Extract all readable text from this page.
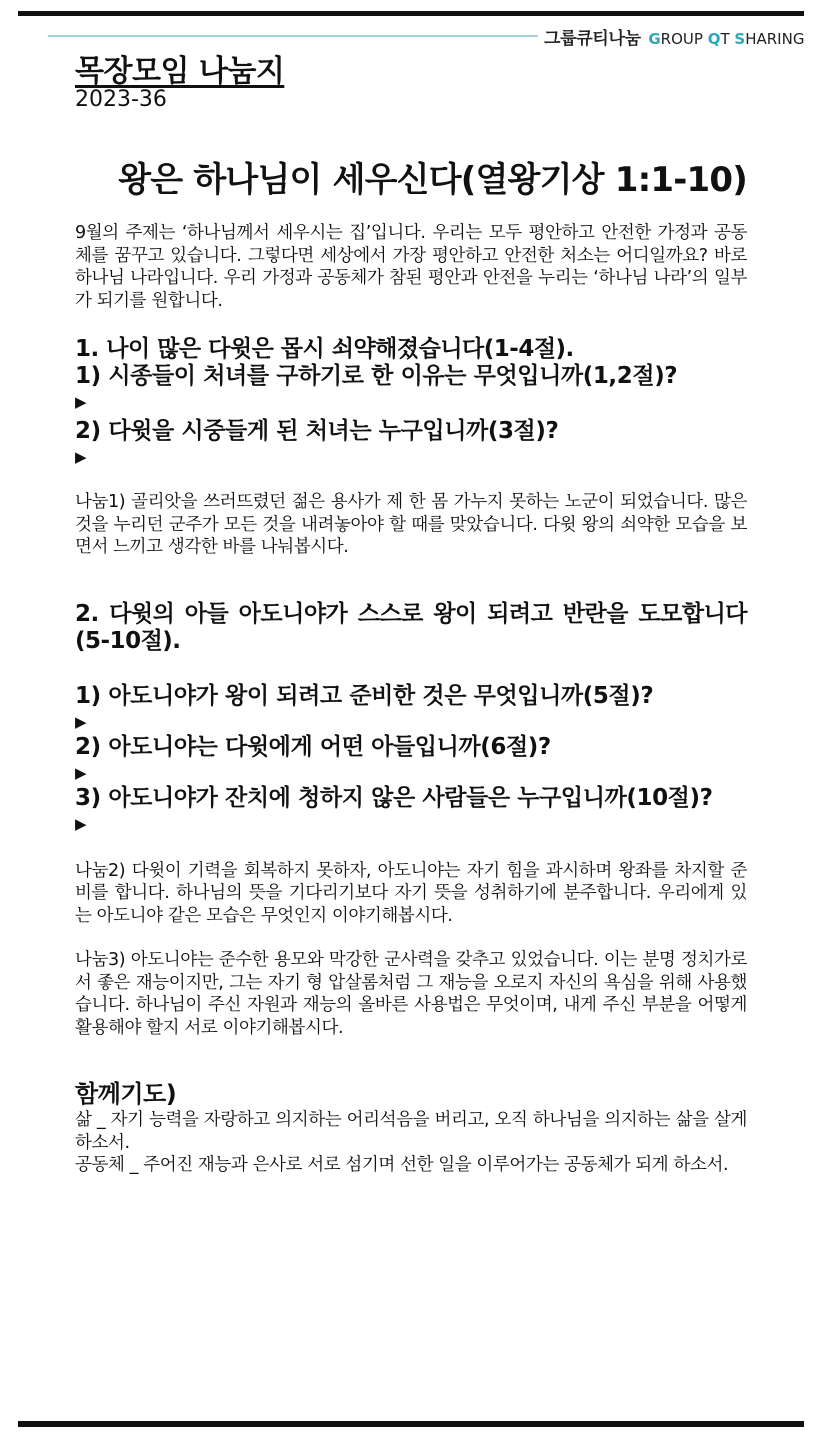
그룹큐티나눔 GROUP QT SHARING
목장모임 나눔지
2023-36
왕은 하나님이 세우신다(열왕기상 1:1-10)
9월의 주제는 ‘하나님께서 세우시는 집’입니다. 우리는 모두 평안하고 안전한 가정과 공동체를 꿈꾸고 있습니다. 그렇다면 세상에서 가장 평안하고 안전한 처소는 어디일까요? 바로 하나님 나라입니다. 우리 가정과 공동체가 참된 평안과 안전을 누리는 ‘하나님 나라’의 일부가 되기를 원합니다.
1. 나이 많은 다윗은 몹시 쇠약해졌습니다(1-4절).
1) 시종들이 처녀를 구하기로 한 이유는 무엇입니까(1,2절)?
▶
2) 다윗을 시중들게 된 처녀는 누구입니까(3절)?
▶
나눔1) 골리앗을 쓰러뜨렸던 젊은 용사가 제 한 몸 가누지 못하는 노군이 되었습니다. 많은 것을 누리던 군주가 모든 것을 내려놓아야 할 때를 맞았습니다. 다윗 왕의 쇠약한 모습을 보면서 느끼고 생각한 바를 나눠봅시다.
2. 다윗의 아들 아도니야가 스스로 왕이 되려고 반란을 도모합니다(5-10절).
1) 아도니야가 왕이 되려고 준비한 것은 무엇입니까(5절)?
▶
2) 아도니야는 다윗에게 어떤 아들입니까(6절)?
▶
3) 아도니야가 잔치에 청하지 않은 사람들은 누구입니까(10절)?
▶
나눔2) 다윗이 기력을 회복하지 못하자, 아도니야는 자기 힘을 과시하며 왕좌를 차지할 준비를 합니다. 하나님의 뜻을 기다리기보다 자기 뜻을 성취하기에 분주합니다. 우리에게 있는 아도니야 같은 모습은 무엇인지 이야기해봅시다.
나눔3) 아도니야는 준수한 용모와 막강한 군사력을 갖추고 있었습니다. 이는 분명 정치가로서 좋은 재능이지만, 그는 자기 형 압살롬처럼 그 재능을 오로지 자신의 욕심을 위해 사용했습니다. 하나님이 주신 자원과 재능의 올바른 사용법은 무엇이며, 내게 주신 부분을 어떻게 활용해야 할지 서로 이야기해봅시다.
함께기도)
삶 _ 자기 능력을 자랑하고 의지하는 어리석음을 버리고, 오직 하나님을 의지하는 삶을 살게 하소서.
공동체 _ 주어진 재능과 은사로 서로 섬기며 선한 일을 이루어가는 공동체가 되게 하소서.
